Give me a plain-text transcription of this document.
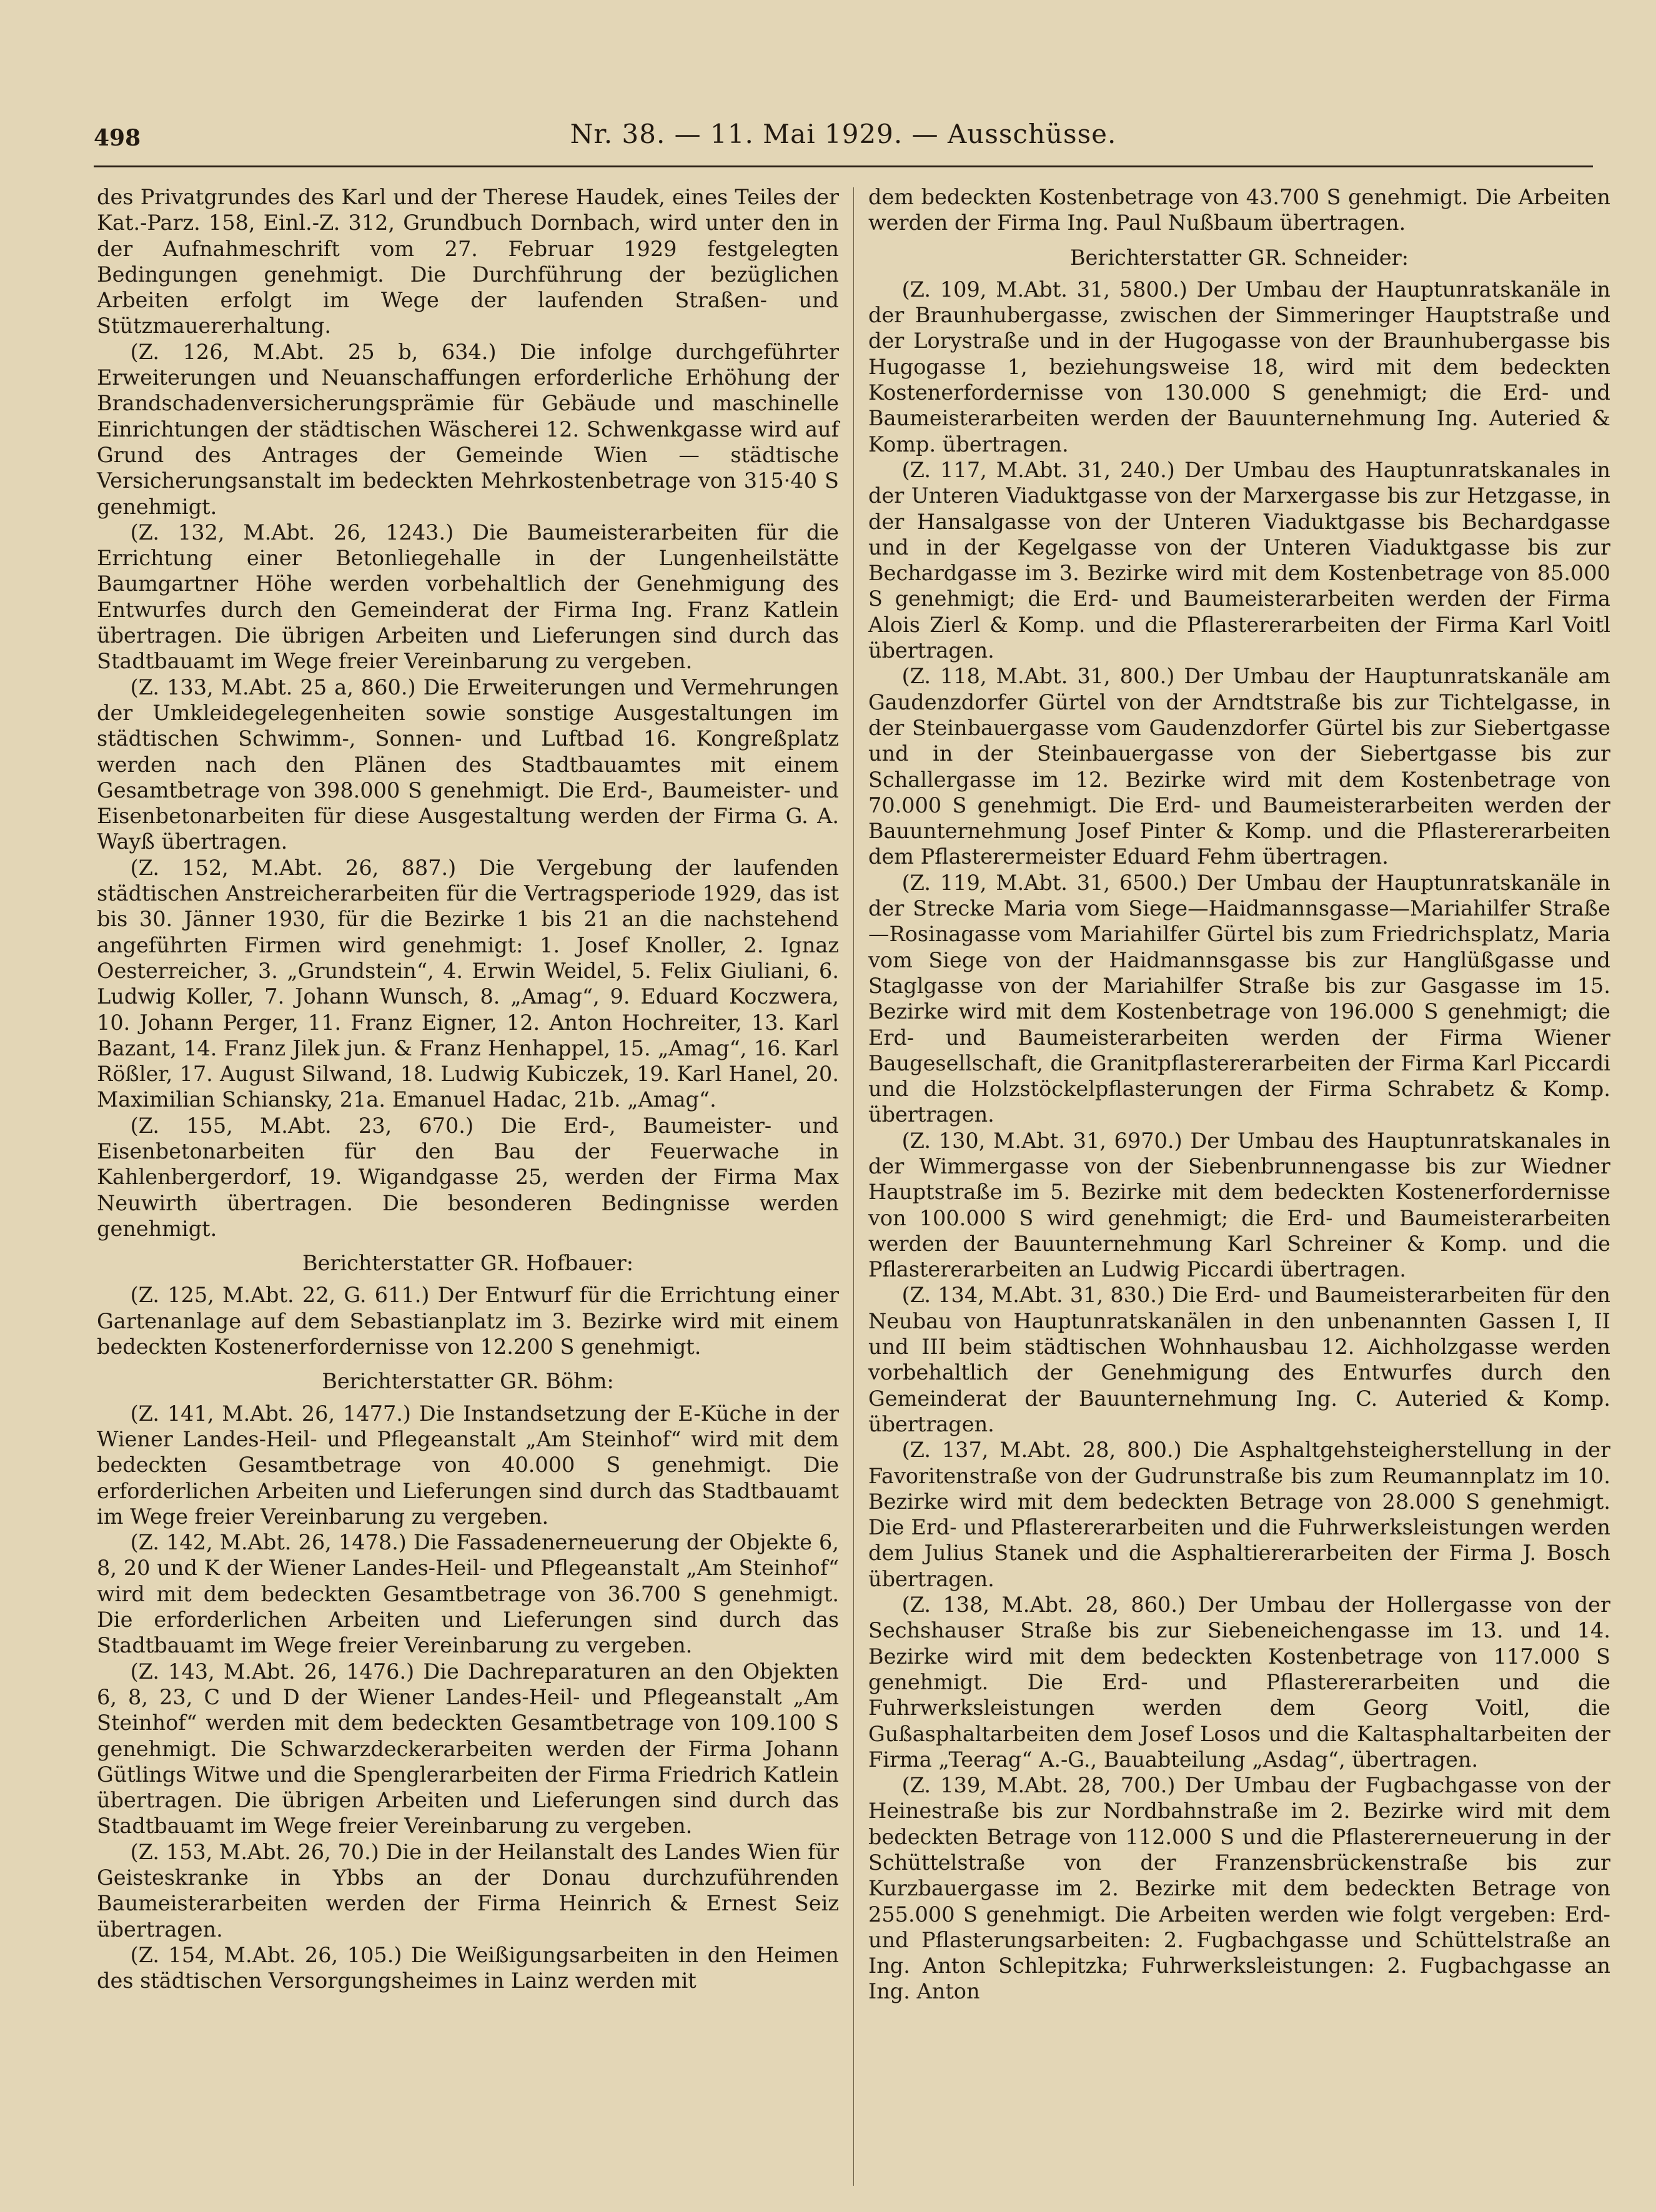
498	Nr. 38. — 11. Mai 1929. — Ausschüsse.

des Privatgrundes des Karl und der Therese Haudek, eines Teiles der Kat.-Parz. 158, Einl.-Z. 312, Grundbuch Dornbach, wird unter den in der Aufnahmeschrift vom 27. Februar 1929 festgelegten Bedingungen genehmigt. Die Durchführung der bezüglichen Arbeiten erfolgt im Wege der laufenden Straßen- und Stützmauererhaltung.

(Z. 126, M.Abt. 25 b, 634.) Die infolge durchgeführter Erweiterungen und Neuanschaffungen erforderliche Erhöhung der Brandschadenversicherungsprämie für Gebäude und maschinelle Einrichtungen der städtischen Wäscherei 12. Schwenkgasse wird auf Grund des Antrages der Gemeinde Wien — städtische Versicherungsanstalt im bedeckten Mehrkostenbetrage von 315·40 S genehmigt.

(Z. 132, M.Abt. 26, 1243.) Die Baumeisterarbeiten für die Errichtung einer Betonliegehalle in der Lungenheilstätte Baumgartner Höhe werden vorbehaltlich der Genehmigung des Entwurfes durch den Gemeinderat der Firma Ing. Franz Katlein übertragen. Die übrigen Arbeiten und Lieferungen sind durch das Stadtbauamt im Wege freier Vereinbarung zu vergeben.

(Z. 133, M.Abt. 25 a, 860.) Die Erweiterungen und Vermehrungen der Umkleidegelegenheiten sowie sonstige Ausgestaltungen im städtischen Schwimm-, Sonnen- und Luftbad 16. Kongreßplatz werden nach den Plänen des Stadtbauamtes mit einem Gesamtbetrage von 398.000 S genehmigt. Die Erd-, Baumeister- und Eisenbetonarbeiten für diese Ausgestaltung werden der Firma G. A. Wayß übertragen.

(Z. 152, M.Abt. 26, 887.) Die Vergebung der laufenden städtischen Anstreicherarbeiten für die Vertragsperiode 1929, das ist bis 30. Jänner 1930, für die Bezirke 1 bis 21 an die nachstehend angeführten Firmen wird genehmigt: 1. Josef Knoller, 2. Ignaz Oesterreicher, 3. „Grundstein“, 4. Erwin Weidel, 5. Felix Giuliani, 6. Ludwig Koller, 7. Johann Wunsch, 8. „Amag“, 9. Eduard Koczwera, 10. Johann Perger, 11. Franz Eigner, 12. Anton Hochreiter, 13. Karl Bazant, 14. Franz Jilek jun. & Franz Henhappel, 15. „Amag“, 16. Karl Rößler, 17. August Silwand, 18. Ludwig Kubiczek, 19. Karl Hanel, 20. Maximilian Schiansky, 21a. Emanuel Hadac, 21b. „Amag“.

(Z. 155, M.Abt. 23, 670.) Die Erd-, Baumeister- und Eisenbetonarbeiten für den Bau der Feuerwache in Kahlenbergerdorf, 19. Wigandgasse 25, werden der Firma Max Neuwirth übertragen. Die besonderen Bedingnisse werden genehmigt.

Berichterstatter GR. Hofbauer:

(Z. 125, M.Abt. 22, G. 611.) Der Entwurf für die Errichtung einer Gartenanlage auf dem Sebastianplatz im 3. Bezirke wird mit einem bedeckten Kostenerfordernisse von 12.200 S genehmigt.

Berichterstatter GR. Böhm:

(Z. 141, M.Abt. 26, 1477.) Die Instandsetzung der E-Küche in der Wiener Landes-Heil- und Pflegeanstalt „Am Steinhof“ wird mit dem bedeckten Gesamtbetrage von 40.000 S genehmigt. Die erforderlichen Arbeiten und Lieferungen sind durch das Stadtbauamt im Wege freier Vereinbarung zu vergeben.

(Z. 142, M.Abt. 26, 1478.) Die Fassadenerneuerung der Objekte 6, 8, 20 und K der Wiener Landes-Heil- und Pflegeanstalt „Am Steinhof“ wird mit dem bedeckten Gesamtbetrage von 36.700 S genehmigt. Die erforderlichen Arbeiten und Lieferungen sind durch das Stadtbauamt im Wege freier Vereinbarung zu vergeben.

(Z. 143, M.Abt. 26, 1476.) Die Dachreparaturen an den Objekten 6, 8, 23, C und D der Wiener Landes-Heil- und Pflegeanstalt „Am Steinhof“ werden mit dem bedeckten Gesamtbetrage von 109.100 S genehmigt. Die Schwarzdeckerarbeiten werden der Firma Johann Gütlings Witwe und die Spenglerarbeiten der Firma Friedrich Katlein übertragen. Die übrigen Arbeiten und Lieferungen sind durch das Stadtbauamt im Wege freier Vereinbarung zu vergeben.

(Z. 153, M.Abt. 26, 70.) Die in der Heilanstalt des Landes Wien für Geisteskranke in Ybbs an der Donau durchzuführenden Baumeisterarbeiten werden der Firma Heinrich & Ernest Seiz übertragen.

(Z. 154, M.Abt. 26, 105.) Die Weißigungsarbeiten in den Heimen des städtischen Versorgungsheimes in Lainz werden mit

dem bedeckten Kostenbetrage von 43.700 S genehmigt. Die Arbeiten werden der Firma Ing. Paul Nußbaum übertragen.

Berichterstatter GR. Schneider:

(Z. 109, M.Abt. 31, 5800.) Der Umbau der Hauptunratskanäle in der Braunhubergasse, zwischen der Simmeringer Hauptstraße und der Lorystraße und in der Hugogasse von der Braunhubergasse bis Hugogasse 1, beziehungsweise 18, wird mit dem bedeckten Kostenerfordernisse von 130.000 S genehmigt; die Erd- und Baumeisterarbeiten werden der Bauunternehmung Ing. Auteried & Komp. übertragen.

(Z. 117, M.Abt. 31, 240.) Der Umbau des Hauptunratskanales in der Unteren Viaduktgasse von der Marxergasse bis zur Hetzgasse, in der Hansalgasse von der Unteren Viaduktgasse bis Bechardgasse und in der Kegelgasse von der Unteren Viaduktgasse bis zur Bechardgasse im 3. Bezirke wird mit dem Kostenbetrage von 85.000 S genehmigt; die Erd- und Baumeisterarbeiten werden der Firma Alois Zierl & Komp. und die Pflastererarbeiten der Firma Karl Voitl übertragen.

(Z. 118, M.Abt. 31, 800.) Der Umbau der Hauptunratskanäle am Gaudenzdorfer Gürtel von der Arndtstraße bis zur Tichtelgasse, in der Steinbauergasse vom Gaudenzdorfer Gürtel bis zur Siebertgasse und in der Steinbauergasse von der Siebertgasse bis zur Schallergasse im 12. Bezirke wird mit dem Kostenbetrage von 70.000 S genehmigt. Die Erd- und Baumeisterarbeiten werden der Bauunternehmung Josef Pinter & Komp. und die Pflastererarbeiten dem Pflasterermeister Eduard Fehm übertragen.

(Z. 119, M.Abt. 31, 6500.) Der Umbau der Hauptunratskanäle in der Strecke Maria vom Siege—Haidmannsgasse—Mariahilfer Straße—Rosinagasse vom Mariahilfer Gürtel bis zum Friedrichsplatz, Maria vom Siege von der Haidmannsgasse bis zur Hanglüßgasse und Staglgasse von der Mariahilfer Straße bis zur Gasgasse im 15. Bezirke wird mit dem Kostenbetrage von 196.000 S genehmigt; die Erd- und Baumeisterarbeiten werden der Firma Wiener Baugesellschaft, die Granitpflastererarbeiten der Firma Karl Piccardi und die Holzstöckelpflasterungen der Firma Schrabetz & Komp. übertragen.

(Z. 130, M.Abt. 31, 6970.) Der Umbau des Hauptunratskanales in der Wimmergasse von der Siebenbrunnengasse bis zur Wiedner Hauptstraße im 5. Bezirke mit dem bedeckten Kostenerfordernisse von 100.000 S wird genehmigt; die Erd- und Baumeisterarbeiten werden der Bauunternehmung Karl Schreiner & Komp. und die Pflastererarbeiten an Ludwig Piccardi übertragen.

(Z. 134, M.Abt. 31, 830.) Die Erd- und Baumeisterarbeiten für den Neubau von Hauptunratskanälen in den unbenannten Gassen I, II und III beim städtischen Wohnhausbau 12. Aichholzgasse werden vorbehaltlich der Genehmigung des Entwurfes durch den Gemeinderat der Bauunternehmung Ing. C. Auteried & Komp. übertragen.

(Z. 137, M.Abt. 28, 800.) Die Asphaltgehsteigherstellung in der Favoritenstraße von der Gudrunstraße bis zum Reumannplatz im 10. Bezirke wird mit dem bedeckten Betrage von 28.000 S genehmigt. Die Erd- und Pflastererarbeiten und die Fuhrwerksleistungen werden dem Julius Stanek und die Asphaltiererarbeiten der Firma J. Bosch übertragen.

(Z. 138, M.Abt. 28, 860.) Der Umbau der Hollergasse von der Sechshauser Straße bis zur Siebeneichengasse im 13. und 14. Bezirke wird mit dem bedeckten Kostenbetrage von 117.000 S genehmigt. Die Erd- und Pflastererarbeiten und die Fuhrwerksleistungen werden dem Georg Voitl, die Gußasphaltarbeiten dem Josef Losos und die Kaltasphaltarbeiten der Firma „Teerag“ A.-G., Bauabteilung „Asdag“, übertragen.

(Z. 139, M.Abt. 28, 700.) Der Umbau der Fugbachgasse von der Heinestraße bis zur Nordbahnstraße im 2. Bezirke wird mit dem bedeckten Betrage von 112.000 S und die Pflastererneuerung in der Schüttelstraße von der Franzensbrückenstraße bis zur Kurzbauergasse im 2. Bezirke mit dem bedeckten Betrage von 255.000 S genehmigt. Die Arbeiten werden wie folgt vergeben: Erd- und Pflasterungsarbeiten: 2. Fugbachgasse und Schüttelstraße an Ing. Anton Schlepitzka; Fuhrwerksleistungen: 2. Fugbachgasse an Ing. Anton
